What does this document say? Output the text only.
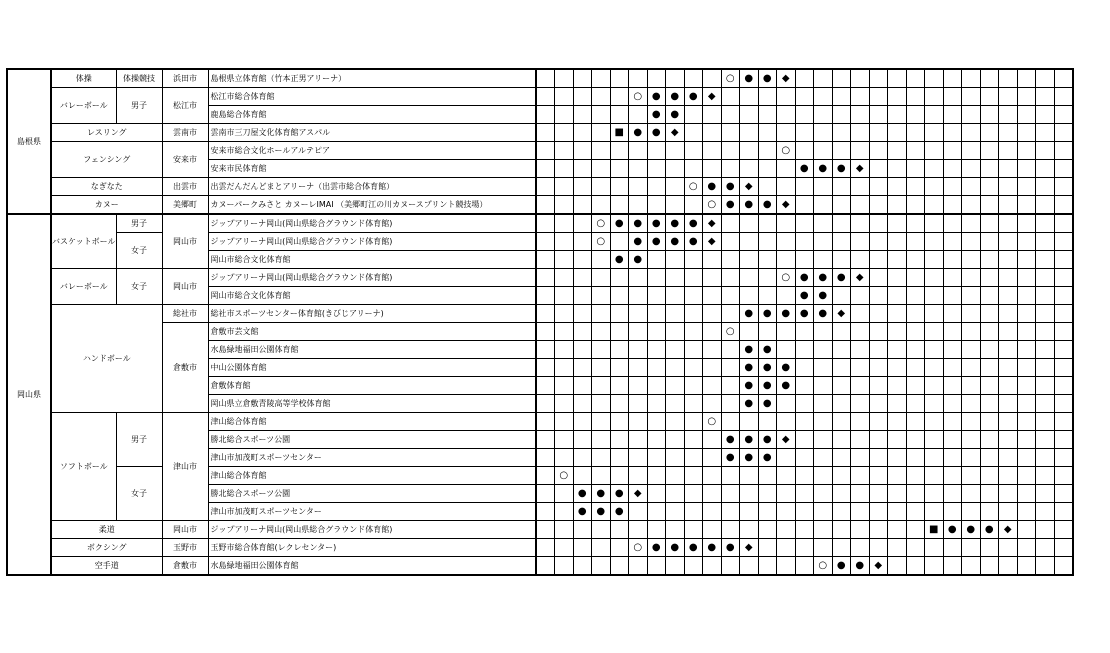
島根県	体操	体操競技	浜田市	島根県立体育館（竹本正男アリーナ）											○	●	●	◆															
	バレーボール	男子	松江市	松江市総合体育館						○	●	●	●	◆																			
				鹿島総合体育館							●	●																					
	レスリング		雲南市	雲南市三刀屋文化体育館アスパル					■	●	●	◆																					
	フェンシング		安来市	安来市総合文化ホールアルテピア														○															
				安来市民体育館															●	●	●	◆											
	なぎなた		出雲市	出雲だんだんどまとアリーナ（出雲市総合体育館）									○	●	●	◆																	
	カヌー		美郷町	カヌーパークみさと カヌーレIMAI （美郷町江の川カヌースプリント競技場）										○	●	●	●	◆															
岡山県	バスケットボール	男子	岡山市	ジップアリーナ岡山(岡山県総合グラウンド体育館)				○	●	●	●	●	●	◆																			
		女子		ジップアリーナ岡山(岡山県総合グラウンド体育館)				○		●	●	●	●	◆																			
				岡山市総合文化体育館					●	●																							
	バレーボール	女子	岡山市	ジップアリーナ岡山(岡山県総合グラウンド体育館)														○	●	●	●	◆											
				岡山市総合文化体育館															●	●													
	ハンドボール		総社市	総社市スポーツセンター体育館(きびじアリーナ)												●	●	●	●	●	◆												
			倉敷市	倉敷市芸文館											○																		
				水島緑地福田公園体育館												●	●																
				中山公園体育館												●	●	●															
				倉敷体育館												●	●	●															
				岡山県立倉敷青陵高等学校体育館												●	●																
	ソフトボール	男子	津山市	津山総合体育館										○																			
				勝北総合スポーツ公園											●	●	●	◆															
				津山市加茂町スポーツセンター											●	●	●																
		女子		津山総合体育館		○																											
				勝北総合スポーツ公園			●	●	●	◆																							
				津山市加茂町スポーツセンター			●	●	●																								
	柔道		岡山市	ジップアリーナ岡山(岡山県総合グラウンド体育館)																						■	●	●	●	◆			
	ボクシング		玉野市	玉野市総合体育館(レクレセンター)						○	●	●	●	●	●	◆																	
	空手道		倉敷市	水島緑地福田公園体育館																○	●	●	◆										
